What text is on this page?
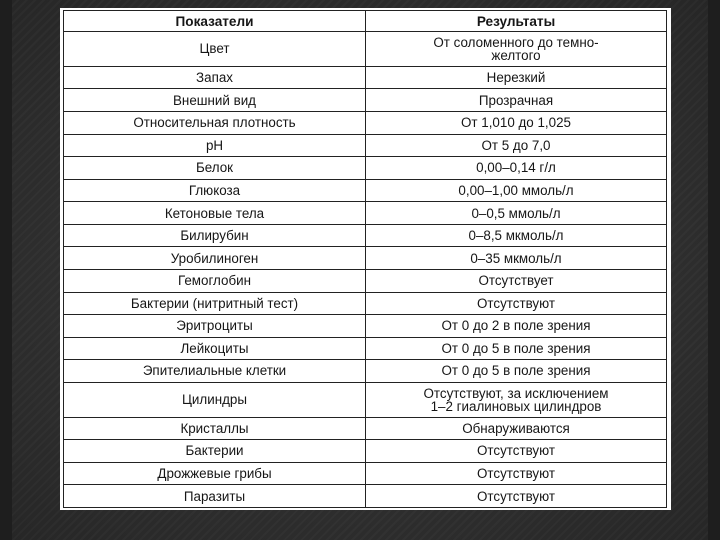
Показатели	Результаты
Цвет	От соломенного до темно-
желтого

Запах	Нерезкий
Внешний вид	Прозрачная
Относительная плотность	От 1,010 до 1,025
pH	От 5 до 7,0
Белок	0,00–0,14 г/л
Глюкоза	0,00–1,00 ммоль/л
Кетоновые тела	0–0,5 ммоль/л
Билирубин	0–8,5 мкмоль/л
Уробилиноген	0–35 мкмоль/л
Гемоглобин	Отсутствует
Бактерии (нитритный тест)	Отсутствуют
Эритроциты	От 0 до 2 в поле зрения
Лейкоциты	От 0 до 5 в поле зрения
Эпителиальные клетки	От 0 до 5 в поле зрения
Цилиндры	Отсутствуют, за исключением
1–2 гиалиновых цилиндров

Кристаллы	Обнаруживаются
Бактерии	Отсутствуют
Дрожжевые грибы	Отсутствуют
Паразиты	Отсутствуют
